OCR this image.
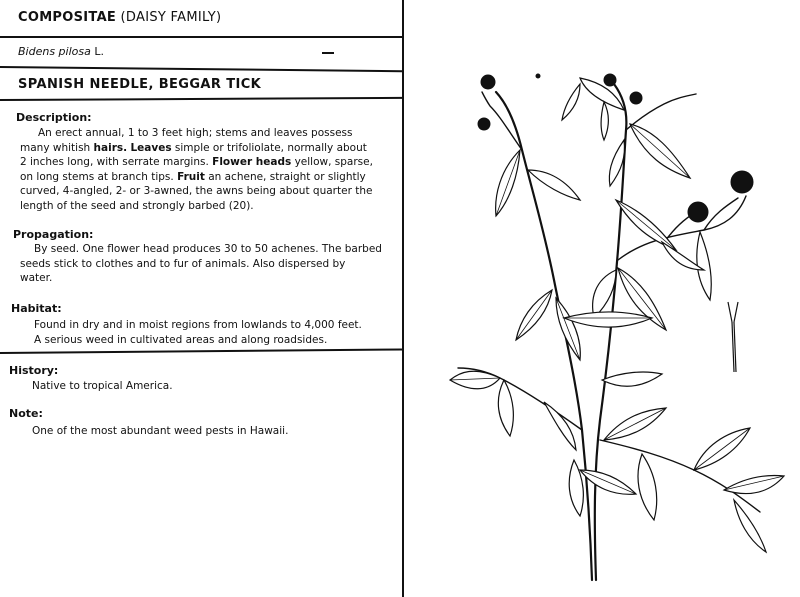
COMPOSITAE (DAISY FAMILY)
Bidens pilosa L.
SPANISH NEEDLE, BEGGAR TICK
Description:
An erect annual, 1 to 3 feet high; stems and leaves possess
many whitish hairs. Leaves simple or trifoliolate, normally about
2 inches long, with serrate margins. Flower heads yellow, sparse,
on long stems at branch tips. Fruit an achene, straight or slightly
curved, 4-angled, 2- or 3-awned, the awns being about quarter the
length of the seed and strongly barbed (20).
Propagation:
By seed. One flower head produces 30 to 50 achenes. The barbed
seeds stick to clothes and to fur of animals. Also dispersed by
water.
Habitat:
Found in dry and in moist regions from lowlands to 4,000 feet.
A serious weed in cultivated areas and along roadsides.
History:
Native to tropical America.
Note:
One of the most abundant weed pests in Hawaii.
